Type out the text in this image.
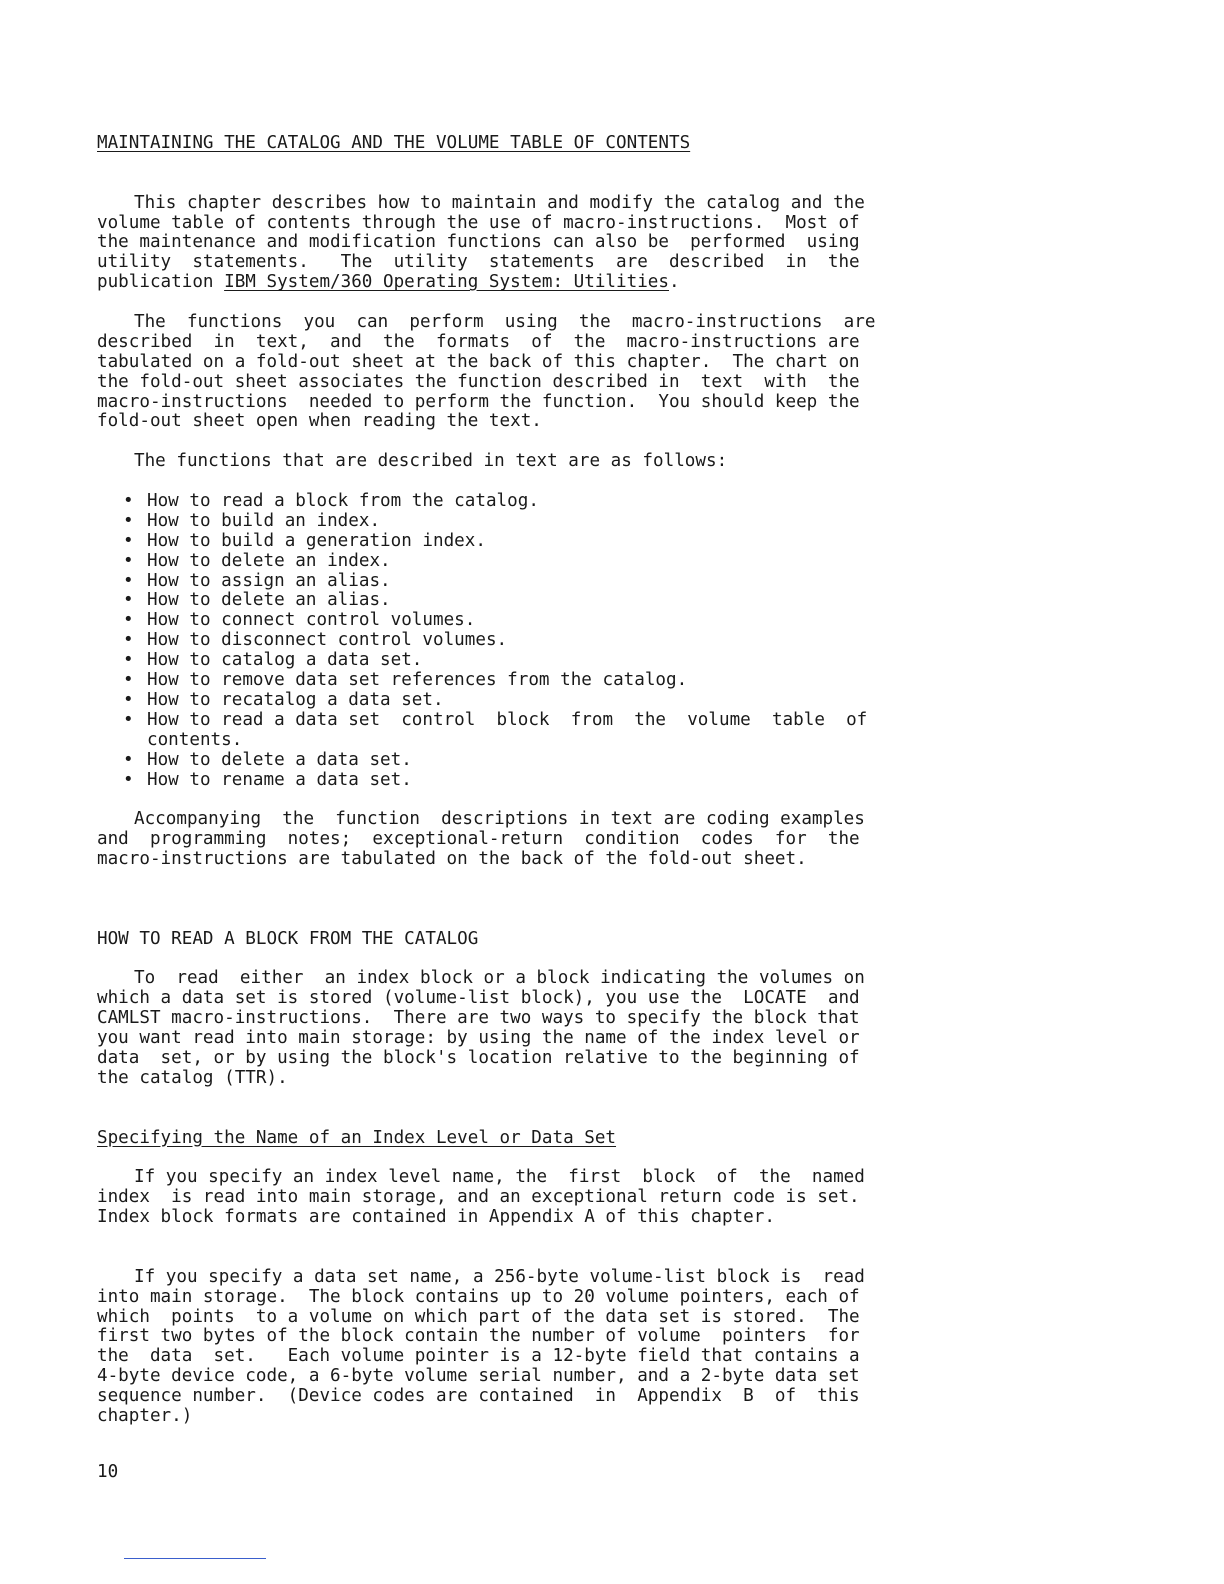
MAINTAINING THE CATALOG AND THE VOLUME TABLE OF CONTENTS
This chapter describes how to maintain and modify the catalog and the
volume table of contents through the use of macro-instructions.  Most of
the maintenance and modification functions can also be  performed  using
utility  statements.   The  utility  statements  are  described  in  the
publication IBM System/360 Operating System: Utilities.
The  functions  you  can  perform  using  the  macro-instructions  are
described  in  text,  and  the  formats  of  the  macro-instructions are
tabulated on a fold-out sheet at the back of this chapter.  The chart on
the fold-out sheet associates the function described in  text  with  the
macro-instructions  needed to perform the function.  You should keep the
fold-out sheet open when reading the text.
The functions that are described in text are as follows:
• How to read a block from the catalog.
• How to build an index.
• How to build a generation index.
• How to delete an index.
• How to assign an alias.
• How to delete an alias.
• How to connect control volumes.
• How to disconnect control volumes.
• How to catalog a data set.
• How to remove data set references from the catalog.
• How to recatalog a data set.
• How to read a data set  control  block  from  the  volume  table  of
contents.
• How to delete a data set.
• How to rename a data set.
Accompanying  the  function  descriptions in text are coding examples
and  programming  notes;  exceptional-return  condition  codes  for  the
macro-instructions are tabulated on the back of the fold-out sheet.
HOW TO READ A BLOCK FROM THE CATALOG
To  read  either  an index block or a block indicating the volumes on
which a data set is stored (volume-list block), you use the  LOCATE  and
CAMLST macro-instructions.  There are two ways to specify the block that
you want read into main storage: by using the name of the index level or
data  set, or by using the block's location relative to the beginning of
the catalog (TTR).
Specifying the Name of an Index Level or Data Set
If you specify an index level name, the  first  block  of  the  named
index  is read into main storage, and an exceptional return code is set.
Index block formats are contained in Appendix A of this chapter.
If you specify a data set name, a 256-byte volume-list block is  read
into main storage.  The block contains up to 20 volume pointers, each of
which  points  to a volume on which part of the data set is stored.  The
first two bytes of the block contain the number of volume  pointers  for
the  data  set.   Each volume pointer is a 12-byte field that contains a
4-byte device code, a 6-byte volume serial number, and a 2-byte data set
sequence number.  (Device codes are contained  in  Appendix  B  of  this
chapter.)
10
